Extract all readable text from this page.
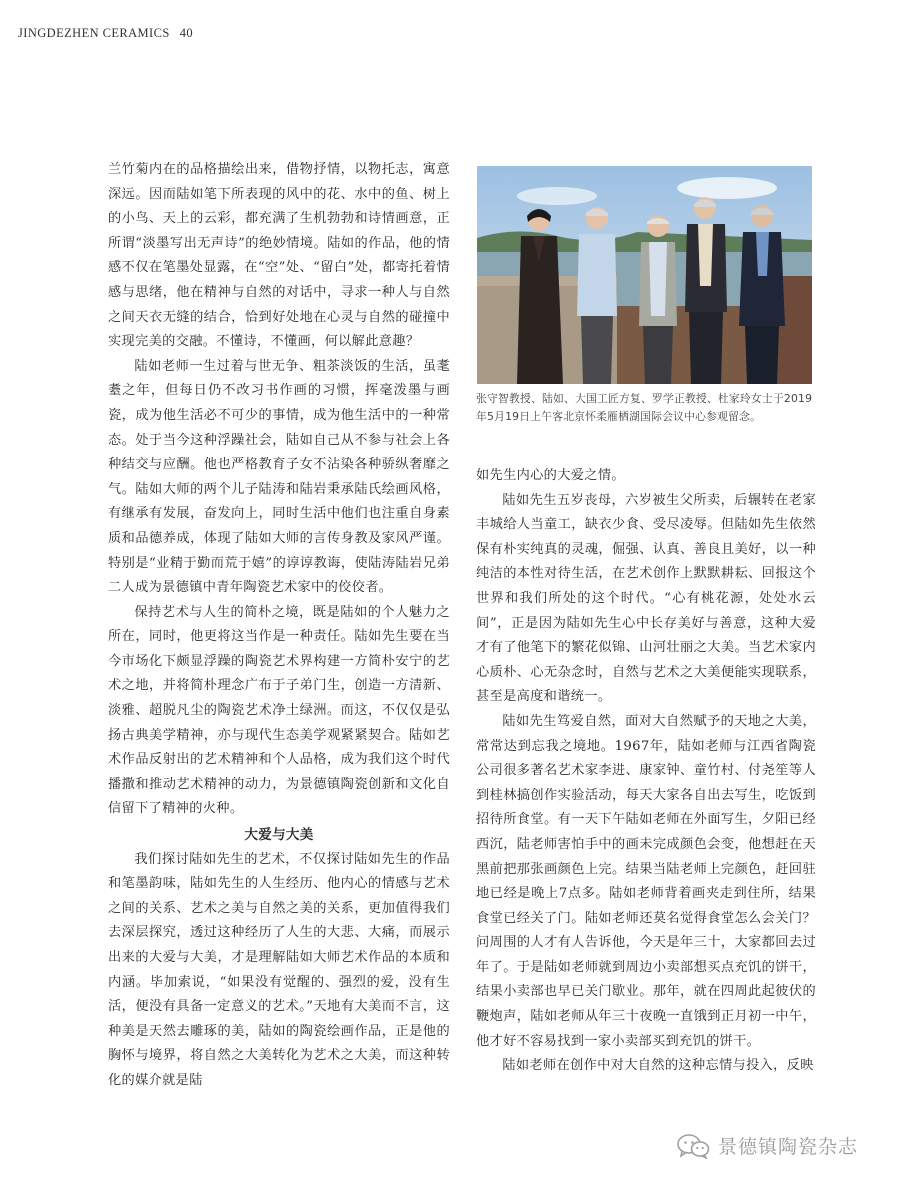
JINGDEZHEN CERAMICS 40

兰竹菊内在的品格描绘出来，借物抒情，以物托志，寓意深远。因而陆如笔下所表现的风中的花、水中的鱼、树上的小鸟、天上的云彩，都充满了生机勃勃和诗情画意，正所谓“淡墨写出无声诗”的绝妙情境。陆如的作品，他的情感不仅在笔墨处显露，在“空”处、“留白”处，都寄托着情感与思绪，他在精神与自然的对话中，寻求一种人与自然之间天衣无缝的结合，恰到好处地在心灵与自然的碰撞中实现完美的交融。不懂诗，不懂画，何以解此意趣？

陆如老师一生过着与世无争、粗茶淡饭的生活，虽耄耋之年，但每日仍不改习书作画的习惯，挥毫泼墨与画瓷，成为他生活必不可少的事情，成为他生活中的一种常态。处于当今这种浮躁社会，陆如自己从不参与社会上各种结交与应酬。他也严格教育子女不沾染各种骄纵奢靡之气。陆如大师的两个儿子陆涛和陆岩秉承陆氏绘画风格，有继承有发展，奋发向上，同时生活中他们也注重自身素质和品德养成，体现了陆如大师的言传身教及家风严谨。特别是“业精于勤而荒于嬉”的谆谆教诲，使陆涛陆岩兄弟二人成为景德镇中青年陶瓷艺术家中的佼佼者。

保持艺术与人生的简朴之境，既是陆如的个人魅力之所在，同时，他更将这当作是一种责任。陆如先生要在当今市场化下颇显浮躁的陶瓷艺术界构建一方简朴安宁的艺术之地，并将简朴理念广布于子弟门生，创造一方清新、淡雅、超脱凡尘的陶瓷艺术净土绿洲。而这，不仅仅是弘扬古典美学精神，亦与现代生态美学观紧紧契合。陆如艺术作品反射出的艺术精神和个人品格，成为我们这个时代播撒和推动艺术精神的动力，为景德镇陶瓷创新和文化自信留下了精神的火种。

大爱与大美

我们探讨陆如先生的艺术，不仅探讨陆如先生的作品和笔墨韵味，陆如先生的人生经历、他内心的情感与艺术之间的关系、艺术之美与自然之美的关系，更加值得我们去深层探究，透过这种经历了人生的大悲、大痛，而展示出来的大爱与大美，才是理解陆如大师艺术作品的本质和内涵。毕加索说，“如果没有觉醒的、强烈的爱，没有生活，便没有具备一定意义的艺术。”天地有大美而不言，这种美是天然去雕琢的美，陆如的陶瓷绘画作品，正是他的胸怀与境界，将自然之大美转化为艺术之大美，而这种转化的媒介就是陆

张守智教授、陆如、大国工匠方复、罗学正教授、杜家玲女士于2019年5月19日上午客北京怀柔雁栖湖国际会议中心参观留念。

如先生内心的大爱之情。

陆如先生五岁丧母，六岁被生父所卖，后辗转在老家丰城给人当童工，缺衣少食、受尽凌辱。但陆如先生依然保有朴实纯真的灵魂，倔强、认真、善良且美好，以一种纯洁的本性对待生活，在艺术创作上默默耕耘、回报这个世界和我们所处的这个时代。“心有桃花源，处处水云间”，正是因为陆如先生心中长存美好与善意，这种大爱才有了他笔下的繁花似锦、山河壮丽之大美。当艺术家内心质朴、心无杂念时，自然与艺术之大美便能实现联系，甚至是高度和谐统一。

陆如先生笃爱自然，面对大自然赋予的天地之大美，常常达到忘我之境地。1967年，陆如老师与江西省陶瓷公司很多著名艺术家李进、康家钟、童竹村、付尧笙等人到桂林搞创作实验活动，每天大家各自出去写生，吃饭到招待所食堂。有一天下午陆如老师在外面写生，夕阳已经西沉，陆老师害怕手中的画未完成颜色会变，他想赶在天黑前把那张画颜色上完。结果当陆老师上完颜色，赶回驻地已经是晚上7点多。陆如老师背着画夹走到住所，结果食堂已经关了门。陆如老师还莫名觉得食堂怎么会关门？问周围的人才有人告诉他，今天是年三十，大家都回去过年了。于是陆如老师就到周边小卖部想买点充饥的饼干，结果小卖部也早已关门歇业。那年，就在四周此起彼伏的鞭炮声，陆如老师从年三十夜晚一直饿到正月初一中午，他才好不容易找到一家小卖部买到充饥的饼干。

陆如老师在创作中对大自然的这种忘情与投入，反映

景德镇陶瓷杂志
